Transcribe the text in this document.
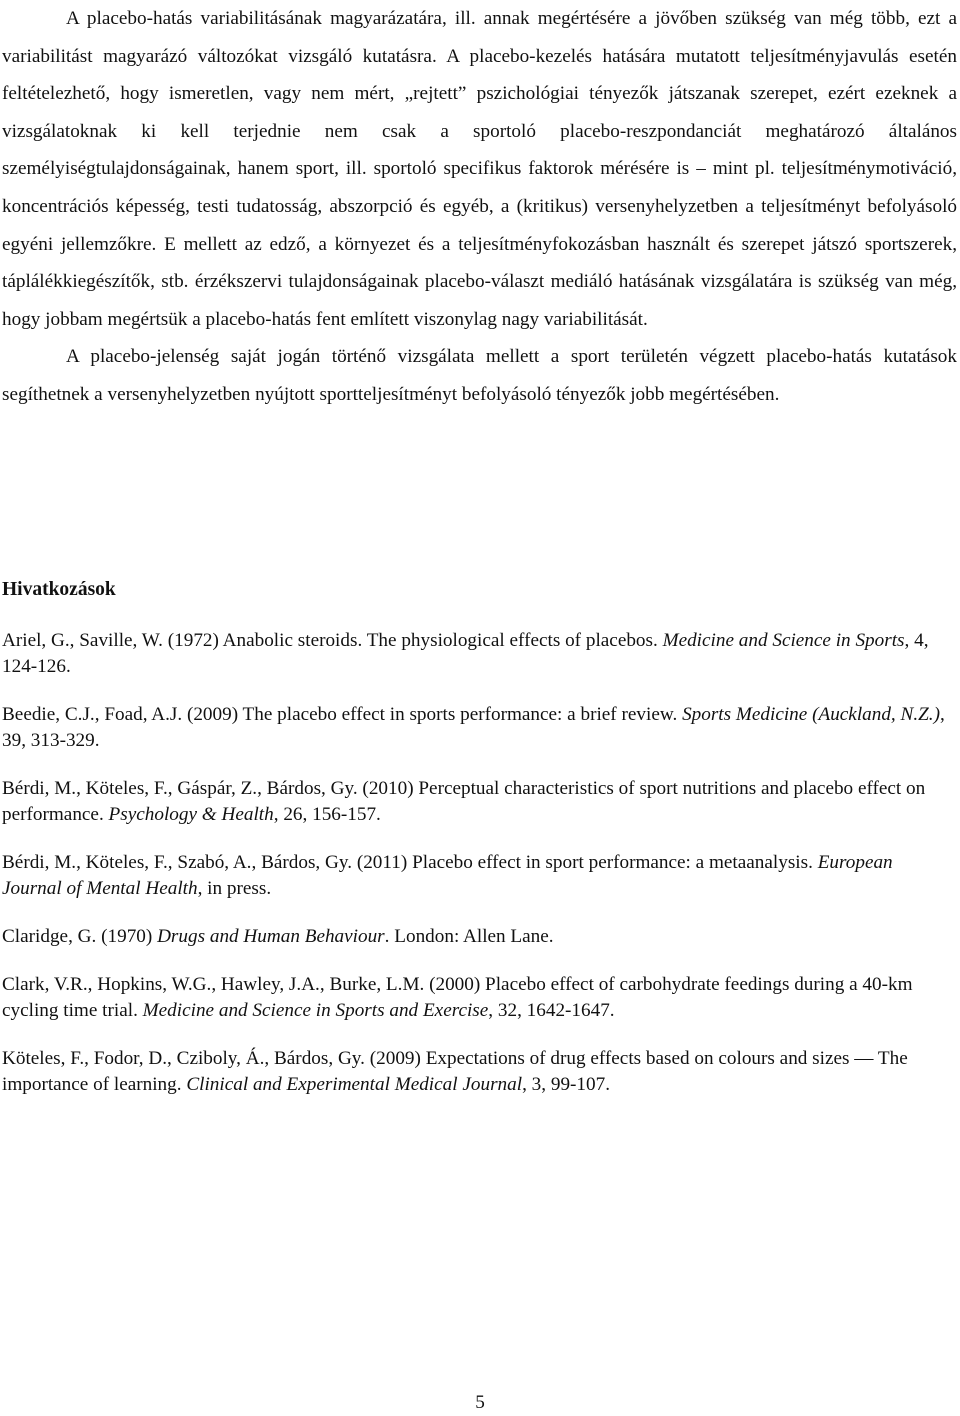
A placebo-hatás variabilitásának magyarázatára, ill. annak megértésére a jövőben szükség van még több, ezt a variabilitást magyarázó változókat vizsgáló kutatásra. A placebo-kezelés hatására mutatott teljesítményjavulás esetén feltételezhető, hogy ismeretlen, vagy nem mért, „rejtett” pszichológiai tényezők játszanak szerepet, ezért ezeknek a vizsgálatoknak ki kell terjednie nem csak a sportoló placebo-reszpondanciát meghatározó általános személyiségtulajdonságainak, hanem sport, ill. sportoló specifikus faktorok mérésére is – mint pl. teljesítménymotiváció, koncentrációs képesség, testi tudatosság, abszorpció és egyéb, a (kritikus) versenyhelyzetben a teljesítményt befolyásoló egyéni jellemzőkre. E mellett az edző, a környezet és a teljesítményfokozásban használt és szerepet játszó sportszerek, táplálékkiegészítők, stb. érzékszervi tulajdonságainak placebo-választ mediáló hatásának vizsgálatára is szükség van még, hogy jobbam megértsük a placebo-hatás fent említett viszonylag nagy variabilitását.

A placebo-jelenség saját jogán történő vizsgálata mellett a sport területén végzett placebo-hatás kutatások segíthetnek a versenyhelyzetben nyújtott sportteljesítményt befolyásoló tényezők jobb megértésében.

Hivatkozások

Ariel, G., Saville, W. (1972) Anabolic steroids. The physiological effects of placebos. Medicine and Science in Sports, 4, 124-126.

Beedie, C.J., Foad, A.J. (2009) The placebo effect in sports performance: a brief review. Sports Medicine (Auckland, N.Z.), 39, 313-329.

Bérdi, M., Köteles, F., Gáspár, Z., Bárdos, Gy. (2010) Perceptual characteristics of sport nutritions and placebo effect on performance. Psychology & Health, 26, 156-157.

Bérdi, M., Köteles, F., Szabó, A., Bárdos, Gy. (2011) Placebo effect in sport performance: a metaanalysis. European Journal of Mental Health, in press.

Claridge, G. (1970) Drugs and Human Behaviour. London: Allen Lane.

Clark, V.R., Hopkins, W.G., Hawley, J.A., Burke, L.M. (2000) Placebo effect of carbohydrate feedings during a 40-km cycling time trial. Medicine and Science in Sports and Exercise, 32, 1642-1647.

Köteles, F., Fodor, D., Cziboly, Á., Bárdos, Gy. (2009) Expectations of drug effects based on colours and sizes — The importance of learning. Clinical and Experimental Medical Journal, 3, 99-107.

5
